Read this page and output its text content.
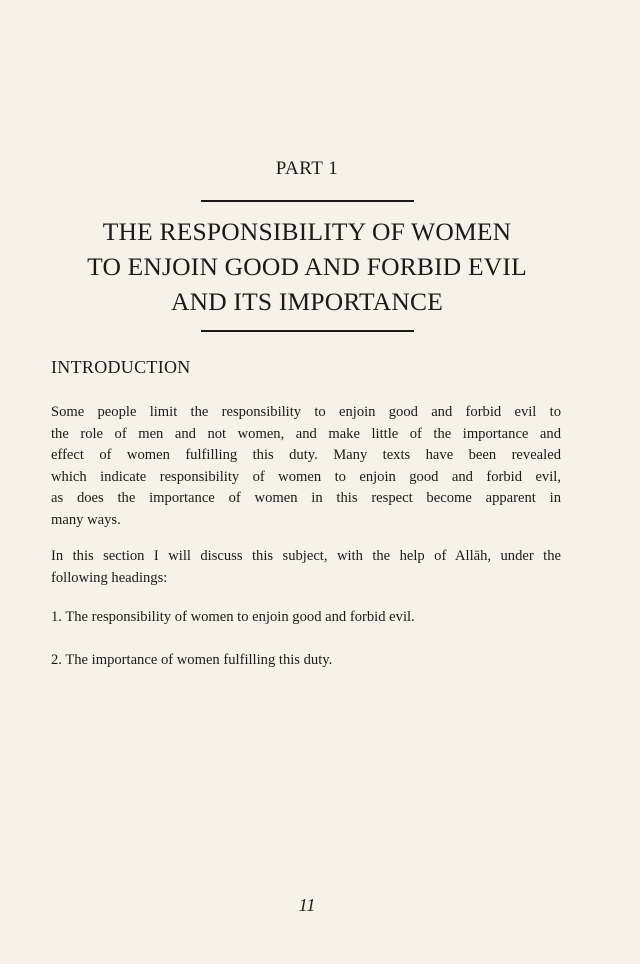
PART 1
THE RESPONSIBILITY OF WOMEN
TO ENJOIN GOOD AND FORBID EVIL
AND ITS IMPORTANCE
INTRODUCTION
Some people limit the responsibility to enjoin good and forbid evil to
the role of men and not women, and make little of the importance and
effect of women fulfilling this duty. Many texts have been revealed
which indicate responsibility of women to enjoin good and forbid evil,
as does the importance of women in this respect become apparent in
many ways.
In this section I will discuss this subject, with the help of Allāh, under the
following headings:
1. The responsibility of women to enjoin good and forbid evil.
2. The importance of women fulfilling this duty.
11
